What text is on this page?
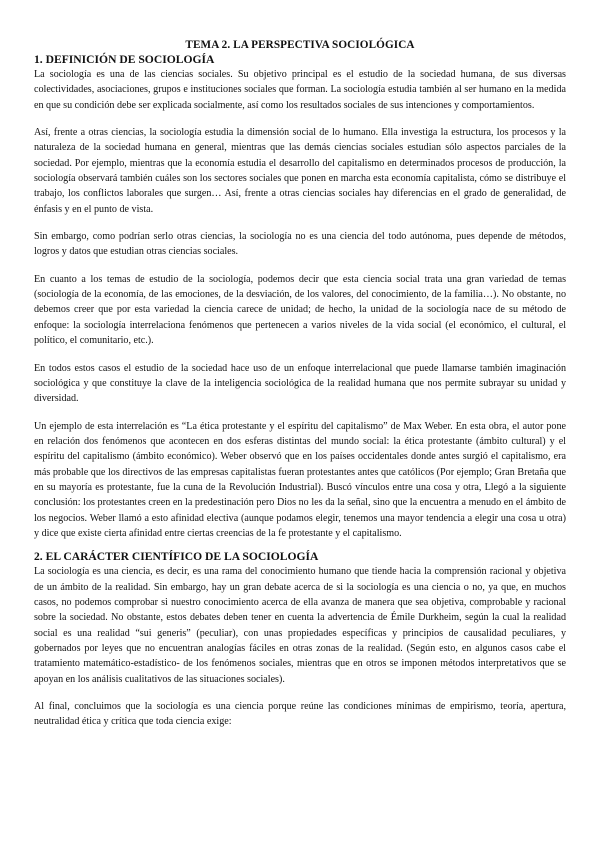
TEMA 2. LA PERSPECTIVA SOCIOLÓGICA
1. DEFINICIÓN DE SOCIOLOGÍA

La sociología es una de las ciencias sociales. Su objetivo principal es el estudio de la sociedad humana, de sus diversas colectividades, asociaciones, grupos e instituciones sociales que forman. La sociología estudia también al ser humano en la medida en que su condición debe ser explicada socialmente, así como los resultados sociales de sus intenciones y comportamientos.

Así, frente a otras ciencias, la sociología estudia la dimensión social de lo humano. Ella investiga la estructura, los procesos y la naturaleza de la sociedad humana en general, mientras que las demás ciencias sociales estudian sólo aspectos parciales de la sociedad. Por ejemplo, mientras que la economía estudia el desarrollo del capitalismo en determinados procesos de producción, la sociología observará también cuáles son los sectores sociales que ponen en marcha esta economía capitalista, cómo se distribuye el trabajo, los conflictos laborales que surgen… Así, frente a otras ciencias sociales hay diferencias en el grado de generalidad, de énfasis y en el punto de vista.

Sin embargo, como podrían serlo otras ciencias, la sociología no es una ciencia del todo autónoma, pues depende de métodos, logros y datos que estudian otras ciencias sociales.

En cuanto a los temas de estudio de la sociología, podemos decir que esta ciencia social trata una gran variedad de temas (sociología de la economía, de las emociones, de la desviación, de los valores, del conocimiento, de la familia…). No obstante, no debemos creer que por esta variedad la ciencia carece de unidad; de hecho, la unidad de la sociología nace de su método de enfoque: la sociología interrelaciona fenómenos que pertenecen a varios niveles de la vida social (el económico, el cultural, el político, el comunitario, etc.).

En todos estos casos el estudio de la sociedad hace uso de un enfoque interrelacional que puede llamarse también imaginación sociológica y que constituye la clave de la inteligencia sociológica de la realidad humana que nos permite subrayar su unidad y diversidad.

Un ejemplo de esta interrelación es “La ética protestante y el espíritu del capitalismo” de Max Weber. En esta obra, el autor pone en relación dos fenómenos que acontecen en dos esferas distintas del mundo social: la ética protestante (ámbito cultural) y el espíritu del capitalismo (ámbito económico). Weber observó que en los países occidentales donde antes surgió el capitalismo, era más probable que los directivos de las empresas capitalistas fueran protestantes antes que católicos (Por ejemplo; Gran Bretaña que en su mayoría es protestante, fue la cuna de la Revolución Industrial). Buscó vínculos entre una cosa y otra, Llegó a la siguiente conclusión: los protestantes creen en la predestinación pero Dios no les da la señal, sino que la encuentra a menudo en el ámbito de los negocios. Weber llamó a esto afinidad electiva (aunque podamos elegir, tenemos una mayor tendencia a elegir una cosa u otra) y dice que existe cierta afinidad entre ciertas creencias de la fe protestante y el capitalismo.

2. EL CARÁCTER CIENTÍFICO DE LA SOCIOLOGÍA

La sociología es una ciencia, es decir, es una rama del conocimiento humano que tiende hacia la comprensión racional y objetiva de un ámbito de la realidad. Sin embargo, hay un gran debate acerca de si la sociología es una ciencia o no, ya que, en muchos casos, no podemos comprobar si nuestro conocimiento acerca de ella avanza de manera que sea objetiva, comprobable y racional sobre la sociedad. No obstante, estos debates deben tener en cuenta la advertencia de Émile Durkheim, según la cual la realidad social es una realidad “sui generis” (peculiar), con unas propiedades específicas y principios de causalidad peculiares, y gobernados por leyes que no encuentran analogías fáciles en otras zonas de la realidad. (Según esto, en algunos casos cabe el tratamiento matemático-estadístico- de los fenómenos sociales, mientras que en otros se imponen métodos interpretativos que se apoyan en los análisis cualitativos de las situaciones sociales).

Al final, concluimos que la sociología es una ciencia porque reúne las condiciones mínimas de empirismo, teoría, apertura, neutralidad ética y crítica que toda ciencia exige:
